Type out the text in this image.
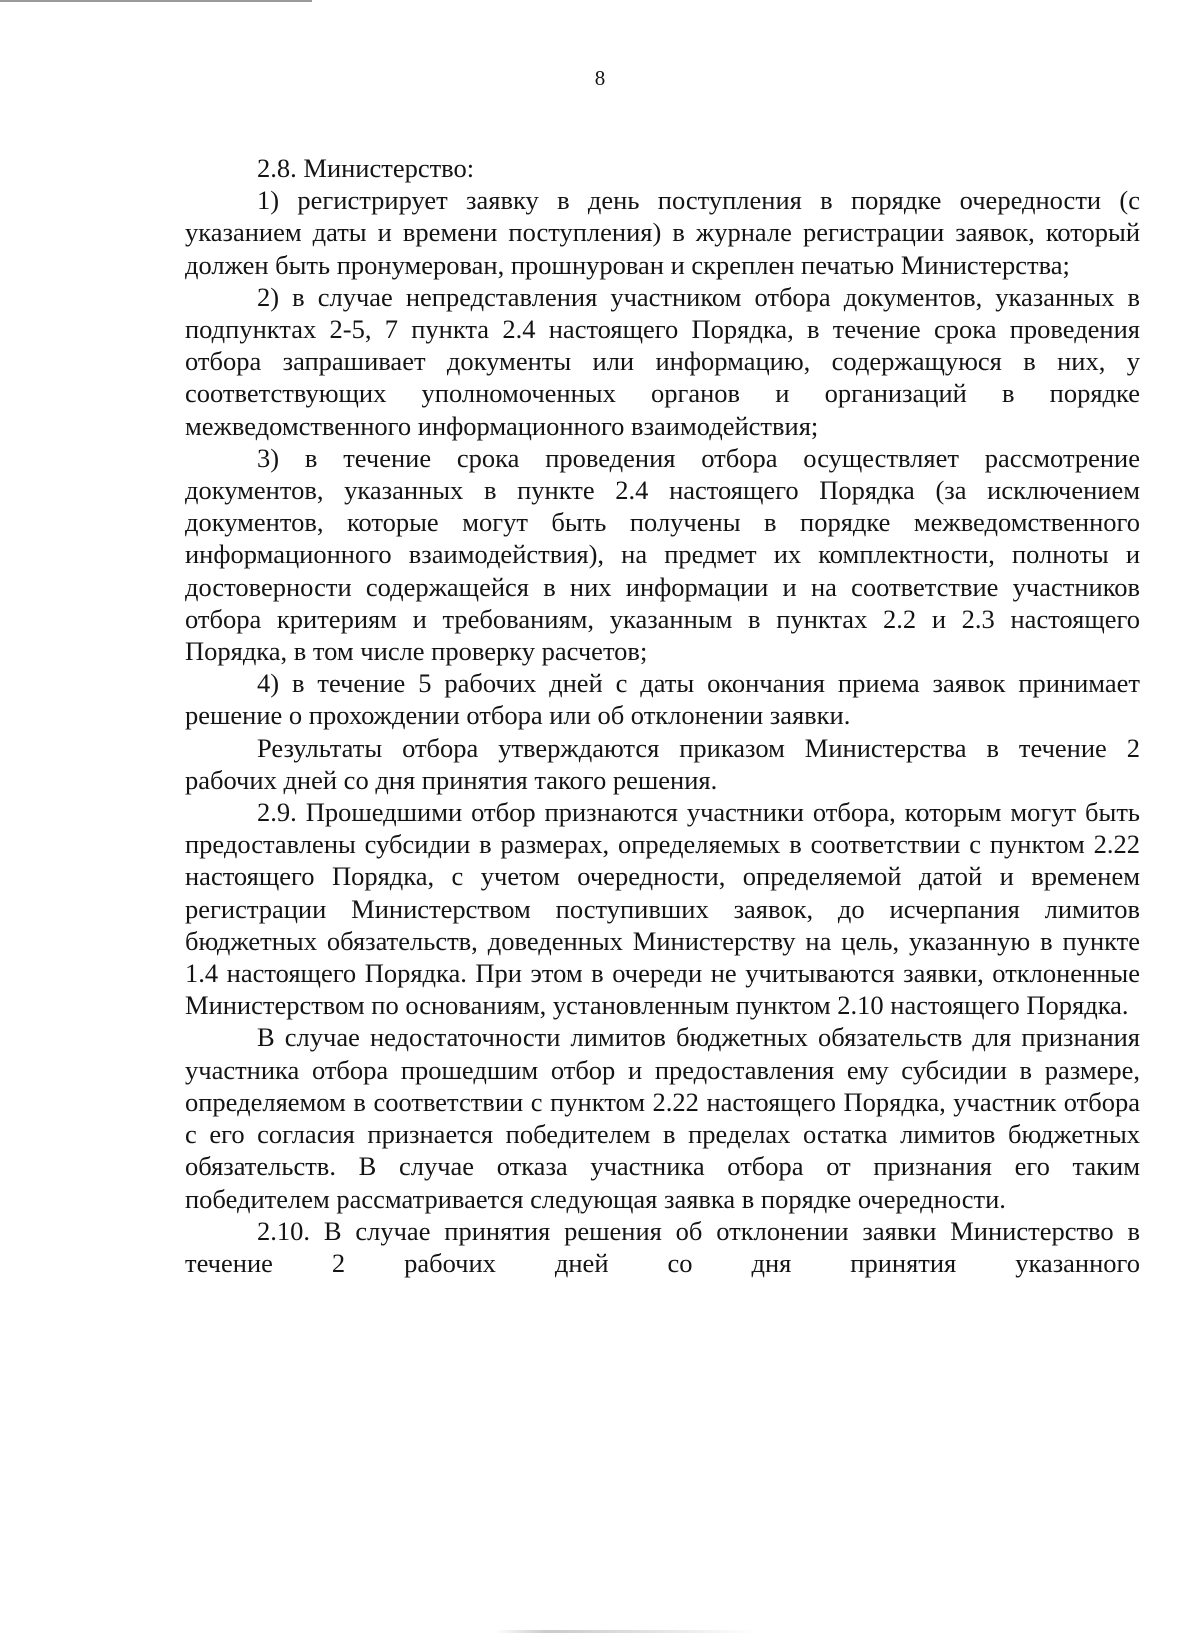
8

2.8. Министерство:

1) регистрирует заявку в день поступления в порядке очередности (с указанием даты и времени поступления) в журнале регистрации заявок, который должен быть пронумерован, прошнурован и скреплен печатью Министерства;

2) в случае непредставления участником отбора документов, указанных в подпунктах 2-5, 7 пункта 2.4 настоящего Порядка, в течение срока проведения отбора запрашивает документы или информацию, содержащуюся в них, у соответствующих уполномоченных органов и организаций в порядке межведомственного информационного взаимодействия;

3) в течение срока проведения отбора осуществляет рассмотрение документов, указанных в пункте 2.4 настоящего Порядка (за исключением документов, которые могут быть получены в порядке межведомственного информационного взаимодействия), на предмет их комплектности, полноты и достоверности содержащейся в них информации и на соответствие участников отбора критериям и требованиям, указанным в пунктах 2.2 и 2.3 настоящего Порядка, в том числе проверку расчетов;

4) в течение 5 рабочих дней с даты окончания приема заявок принимает решение о прохождении отбора или об отклонении заявки.

Результаты отбора утверждаются приказом Министерства в течение 2 рабочих дней со дня принятия такого решения.

2.9. Прошедшими отбор признаются участники отбора, которым могут быть предоставлены субсидии в размерах, определяемых в соответствии с пунктом 2.22 настоящего Порядка, с учетом очередности, определяемой датой и временем регистрации Министерством поступивших заявок, до исчерпания лимитов бюджетных обязательств, доведенных Министерству на цель, указанную в пункте 1.4 настоящего Порядка. При этом в очереди не учитываются заявки, отклоненные Министерством по основаниям, установленным пунктом 2.10 настоящего Порядка.

В случае недостаточности лимитов бюджетных обязательств для признания участника отбора прошедшим отбор и предоставления ему субсидии в размере, определяемом в соответствии с пунктом 2.22 настоящего Порядка, участник отбора с его согласия признается победителем в пределах остатка лимитов бюджетных обязательств. В случае отказа участника отбора от признания его таким победителем рассматривается следующая заявка в порядке очередности.

2.10. В случае принятия решения об отклонении заявки Министерство в течение 2 рабочих дней со дня принятия указанного
